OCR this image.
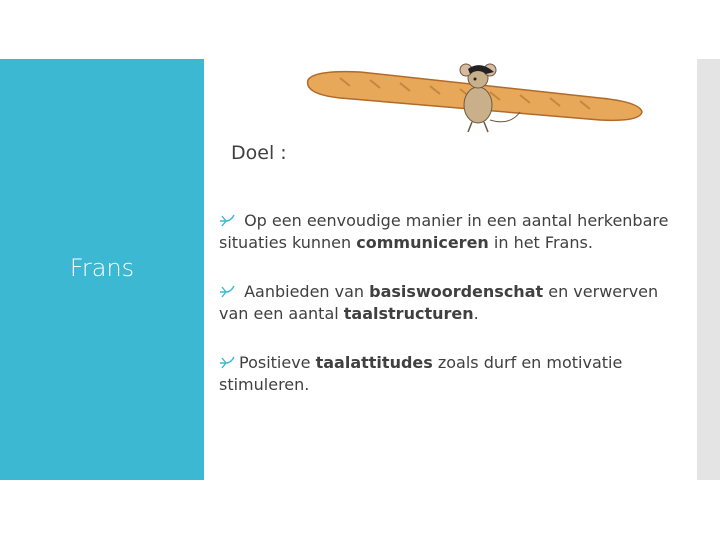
Frans
Doel :

Op een eenvoudige manier in een aantal herkenbare situaties kunnen communiceren in het Frans.

Aanbieden van basiswoordenschat en verwerven van een aantal taalstructuren.

Positieve taalattitudes zoals durf en motivatie stimuleren.
